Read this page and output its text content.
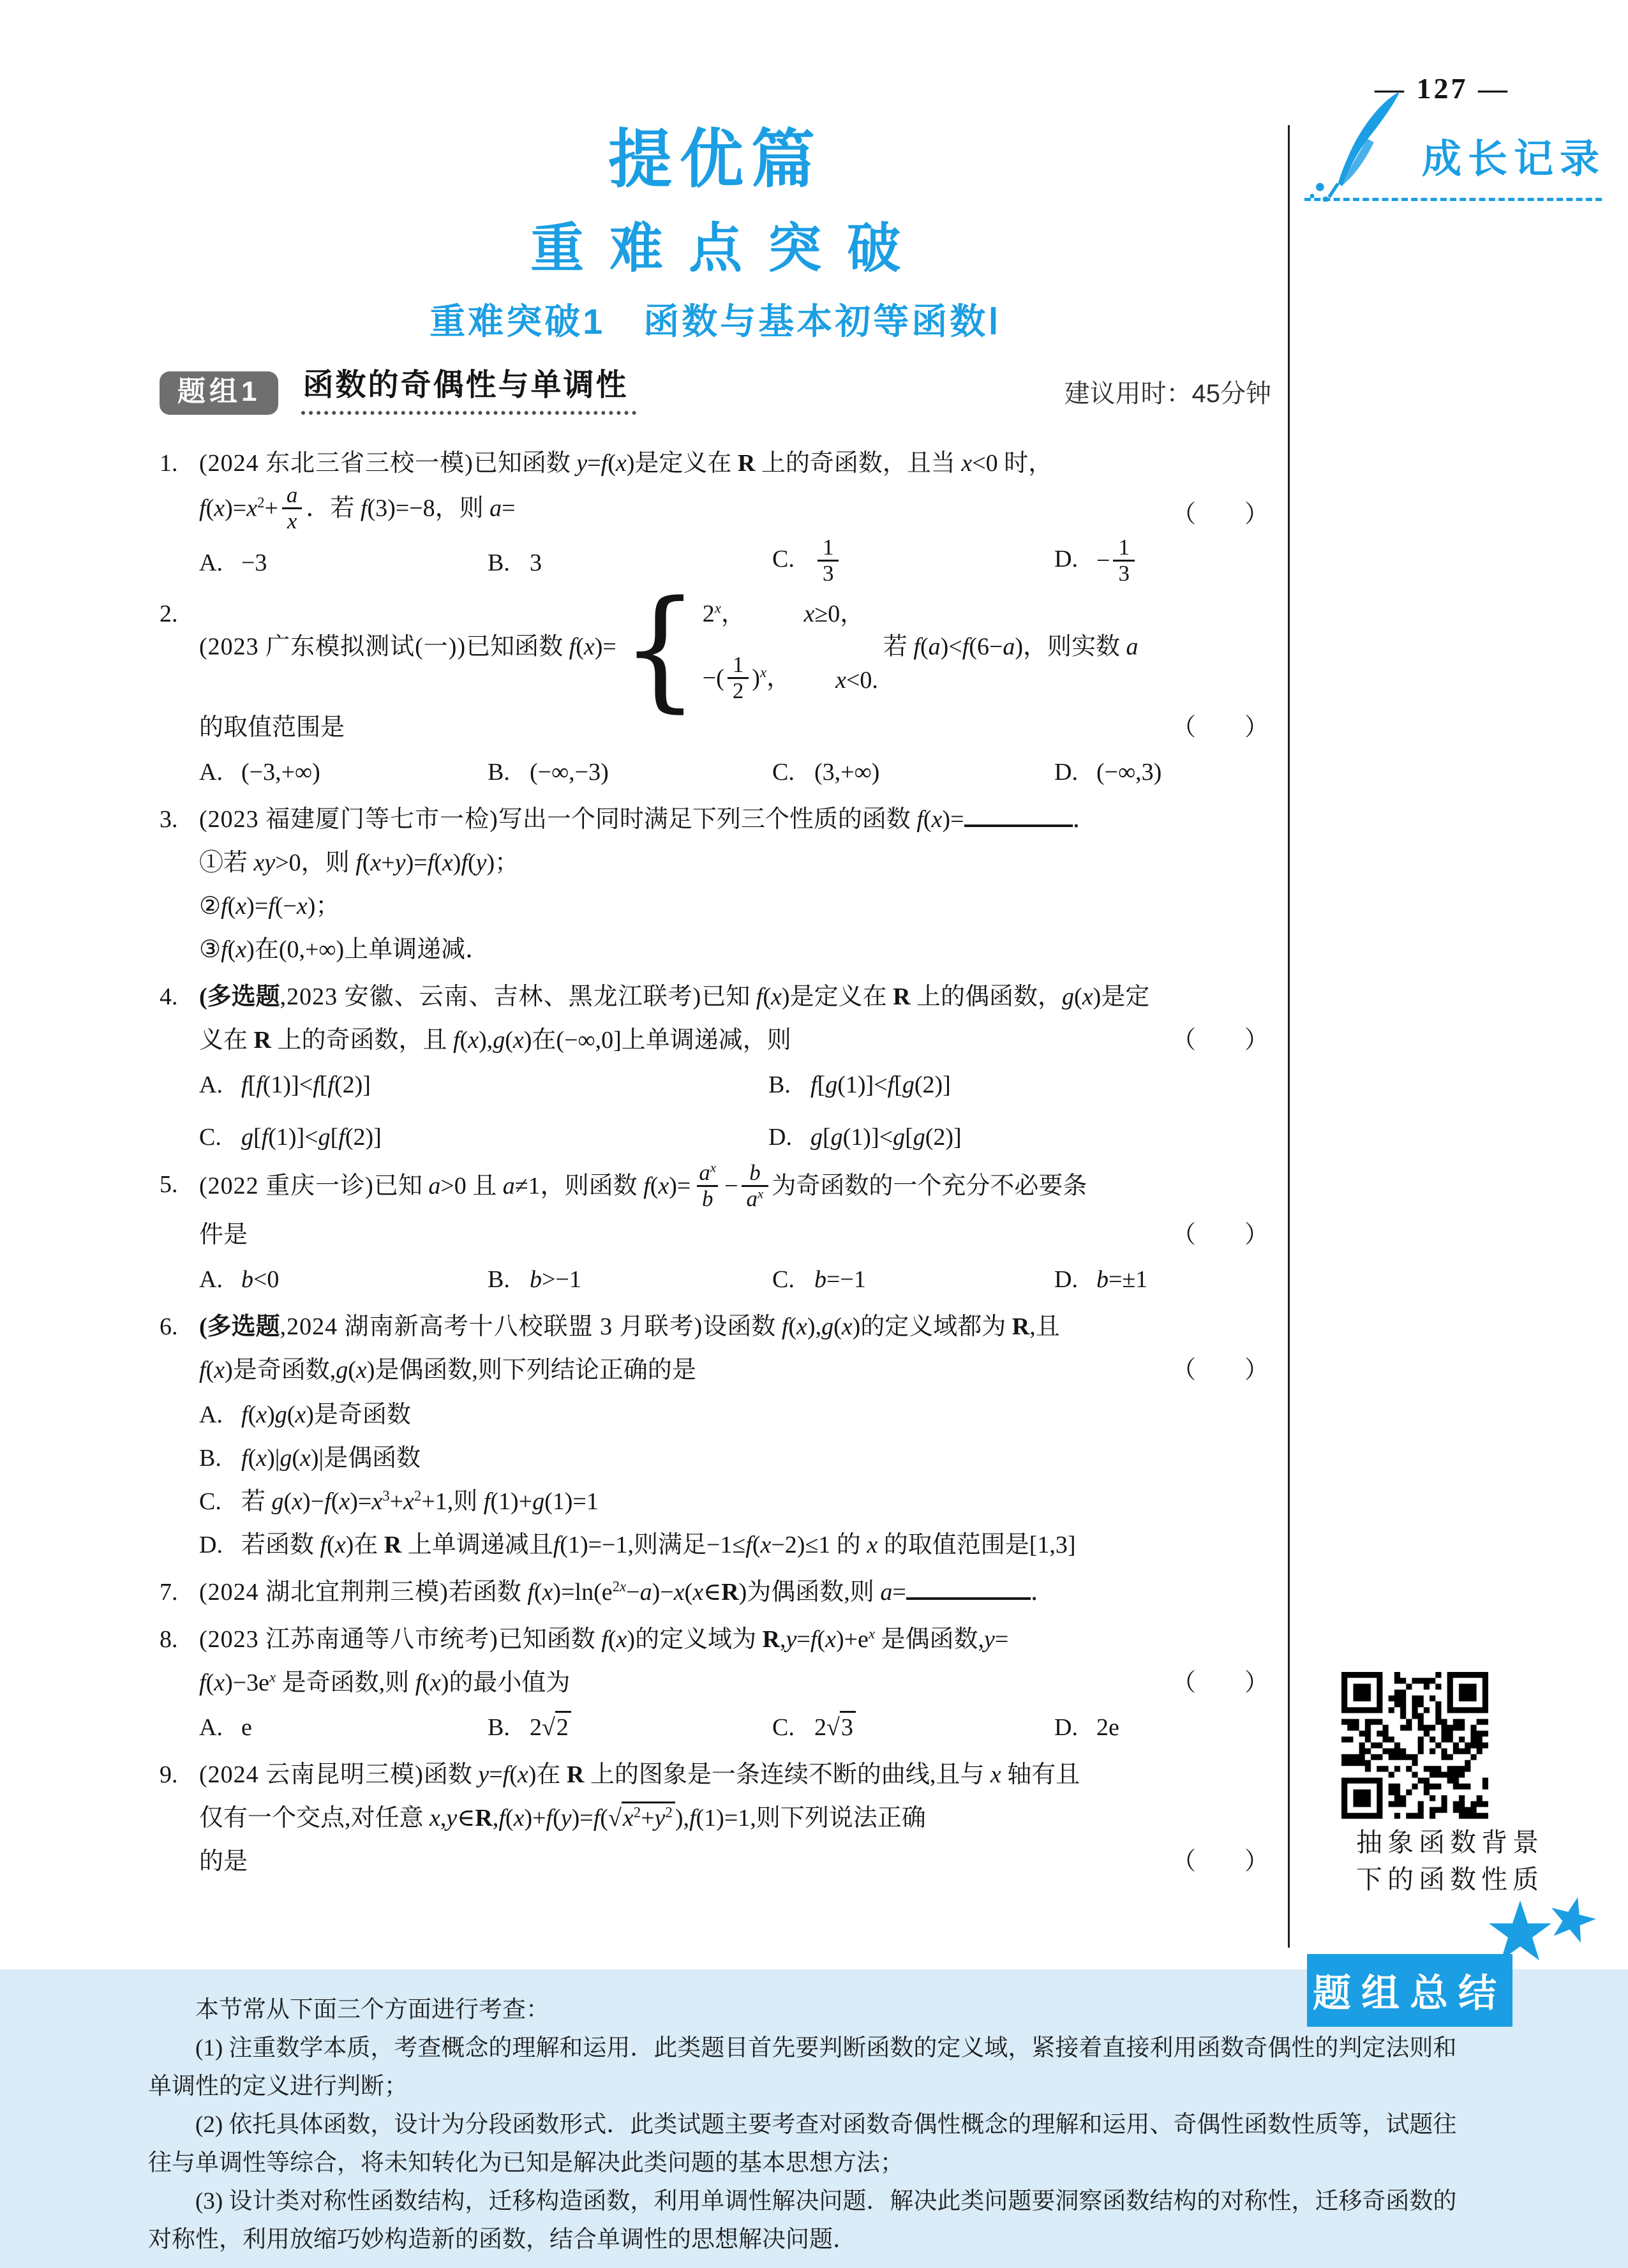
— 127 —
提优篇
重难点突破
重难突破1　函数与基本初等函数Ⅰ
题组1	函数的奇偶性与单调性	建议用时：45分钟
1. (2024 东北三省三校一模)已知函数 y=f(x)是定义在 R 上的奇函数，且当 x<0 时，
$f(x)=x^2+ \frac{a}{x}$ ．若 f(3)=−8，则 a=	（　　）
A. −3	B. 3	C. $\frac{1}{3}$	D. − $\frac{1}{3}$
2.
(2023 广东模拟测试(一))已知函数 f(x)= { 2$^x$，	x≥0，
−( $\frac{1}{2} )^x$， x<0.
若 f(a)<f(6−a)，则实数 a
的取值范围是	（　　）
A. (−3,+∞)	B. (−∞,−3)	C. (3,+∞)	D. (−∞,3)
3. (2023 福建厦门等七市一检)写出一个同时满足下列三个性质的函数 f(x)=	．
①若 xy>0，则 f(x+y)=f(x)f(y)；
②f(x)=f(−x)；
③f(x)在(0,+∞)上单调递减．
4. (多选题,2023 安徽、云南、吉林、黑龙江联考)已知 f(x)是定义在 R 上的偶函数，g(x)是定
义在 R 上的奇函数，且 f(x),g(x)在(−∞,0]上单调递减，则	（　　）
A. f[f(1)]<f[f(2)]	B. f[g(1)]<f[g(2)]
C. g[f(1)]<g[f(2)]	D. g[g(1)]<g[g(2)]
5. (2022 重庆一诊)已知 a>0 且 a≠1，则函数 $f(x)= \frac{a^x}{b} - \frac{b}{a^x}$ 为奇函数的一个充分不必要条
件是	（　　）
A. b<0	B. b>−1	C. b=−1	D. b=±1
6. (多选题,2024 湖南新高考十八校联盟 3 月联考)设函数 f(x),g(x)的定义域都为 R,且
f(x)是奇函数,g(x)是偶函数,则下列结论正确的是	（　　）
A. f(x)g(x)是奇函数
B. f(x)|g(x)|是偶函数
C. 若 $g(x)-f(x)=x^3+x^2+1$,则 f(1)+g(1)=1
D. 若函数 f(x)在 R 上单调递减且f(1)=−1,则满足−1≤f(x−2)≤1 的 x 的取值范围是[1,3]
7. (2024 湖北宜荆荆三模)若函数 $f(x)=\ln(e^{2x}-a)-x(x\in R)$为偶函数,则 a=	．
8. (2023 江苏南通等八市统考)已知函数 f(x)的定义域为 $R,y=f(x)+e^x$ 是偶函数,y=
$f(x)-3e^x$ 是奇函数,则 f(x)的最小值为	（　　）
A. e	B. 2√2	C. 2√3	D. 2e
9. (2024 云南昆明三模)函数 y=f(x)在 R 上的图象是一条连续不断的曲线,且与 x 轴有且
仅有一个交点,对任意 $x,y\in R,f(x)+f(y)=f(√x^2+y^2$ ),f(1)=1,则下列说法正确
的是	（　　）
成长记录
抽象函数背景
下的函数性质
题组总结
本节常从下面三个方面进行考查：
(1) 注重数学本质，考查概念的理解和运用．此类题目首先要判断函数的定义域，紧接着直接利用函数奇偶性的判定法则和
单调性的定义进行判断；
(2) 依托具体函数，设计为分段函数形式．此类试题主要考查对函数奇偶性概念的理解和运用、奇偶性函数性质等，试题往
往与单调性等综合，将未知转化为已知是解决此类问题的基本思想方法；
(3) 设计类对称性函数结构，迁移构造函数，利用单调性解决问题．解决此类问题要洞察函数结构的对称性，迁移奇函数的
对称性，利用放缩巧妙构造新的函数，结合单调性的思想解决问题．
